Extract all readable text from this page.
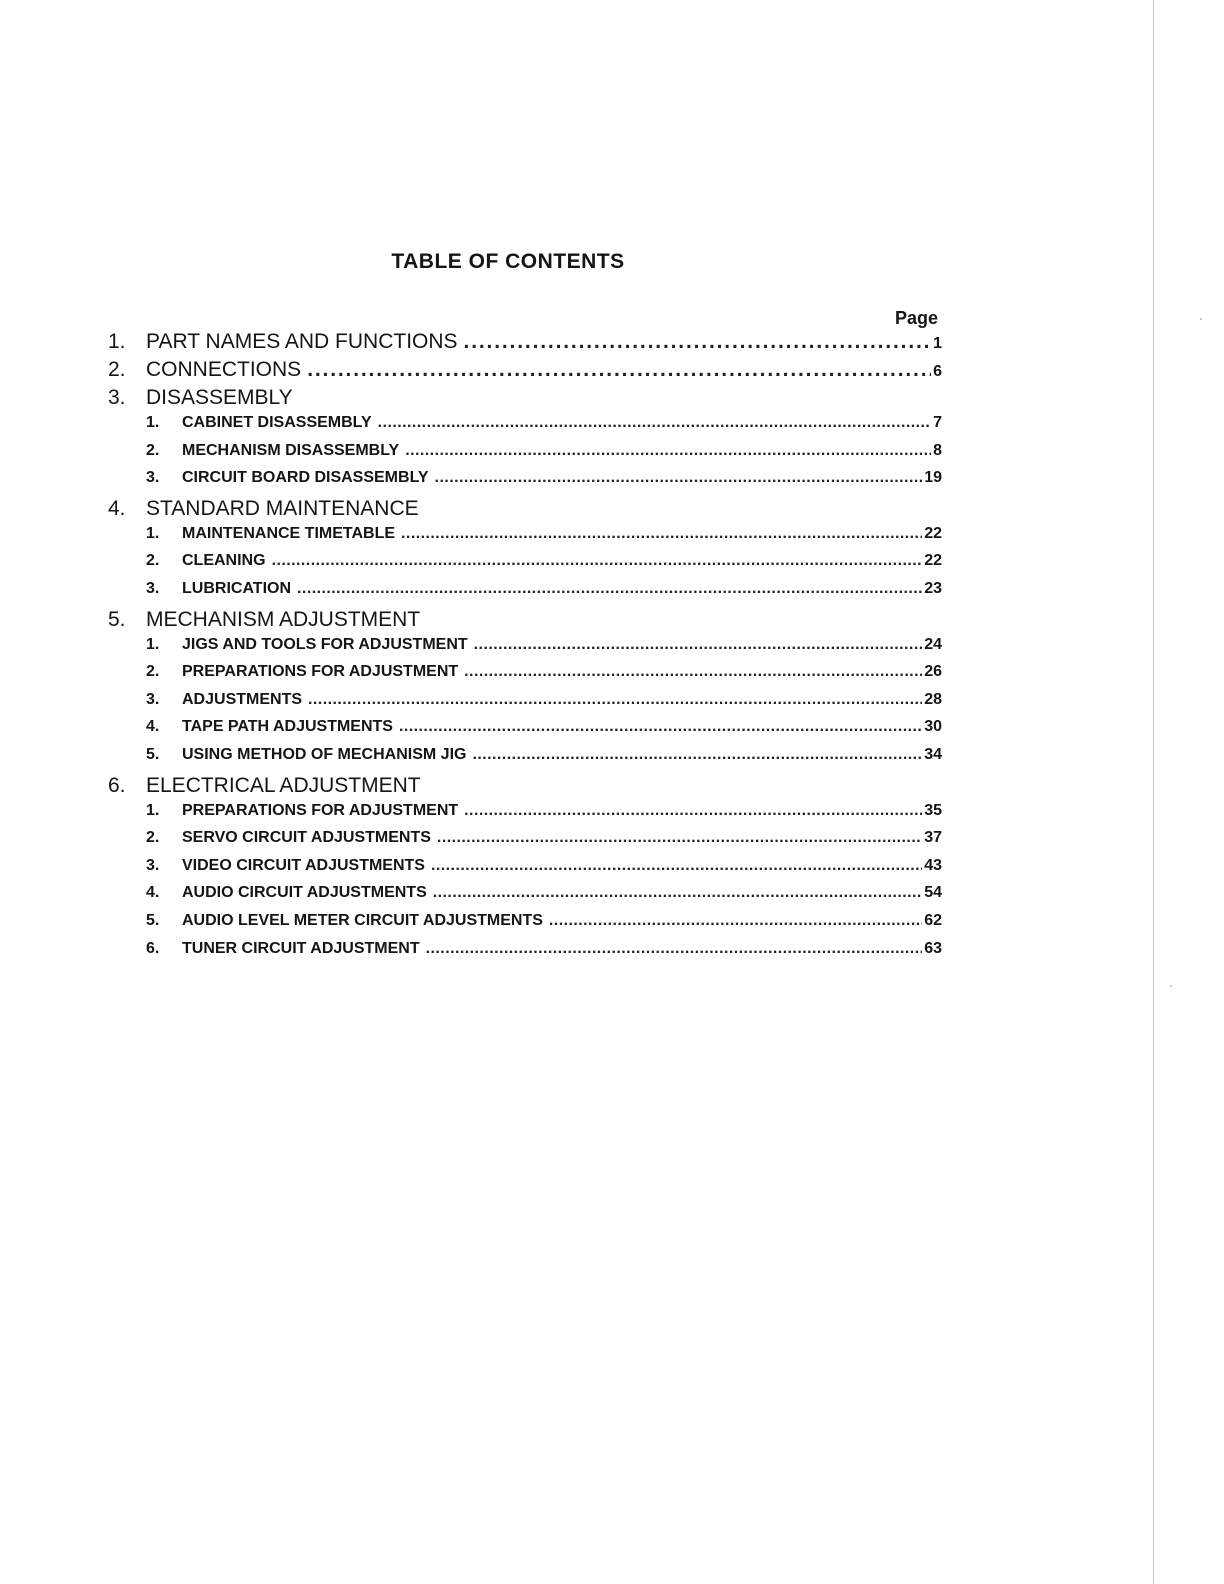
TABLE OF CONTENTS
Page
1. PART NAMES AND FUNCTIONS . . .	1
2. CONNECTIONS . . .	6
3. DISASSEMBLY
1.	CABINET DISASSEMBLY . . .	7
2.	MECHANISM DISASSEMBLY . . .	8
3.	CIRCUIT BOARD DISASSEMBLY . . .	19
4. STANDARD MAINTENANCE
1.	MAINTENANCE TIMETABLE . . .	22
2.	CLEANING . . .	22
3.	LUBRICATION . . .	23
5. MECHANISM ADJUSTMENT
1.	JIGS AND TOOLS FOR ADJUSTMENT . . .	24
2.	PREPARATIONS FOR ADJUSTMENT . . .	26
3.	ADJUSTMENTS . . .	28
4.	TAPE PATH ADJUSTMENTS . . .	30
5.	USING METHOD OF MECHANISM JIG . . .	34
6. ELECTRICAL ADJUSTMENT
1.	PREPARATIONS FOR ADJUSTMENT . . .	35
2.	SERVO CIRCUIT ADJUSTMENTS . . .	37
3.	VIDEO CIRCUIT ADJUSTMENTS . . .	43
4.	AUDIO CIRCUIT ADJUSTMENTS . . .	54
5.	AUDIO LEVEL METER CIRCUIT ADJUSTMENTS . . .	62
6.	TUNER CIRCUIT ADJUSTMENT . . .	63
